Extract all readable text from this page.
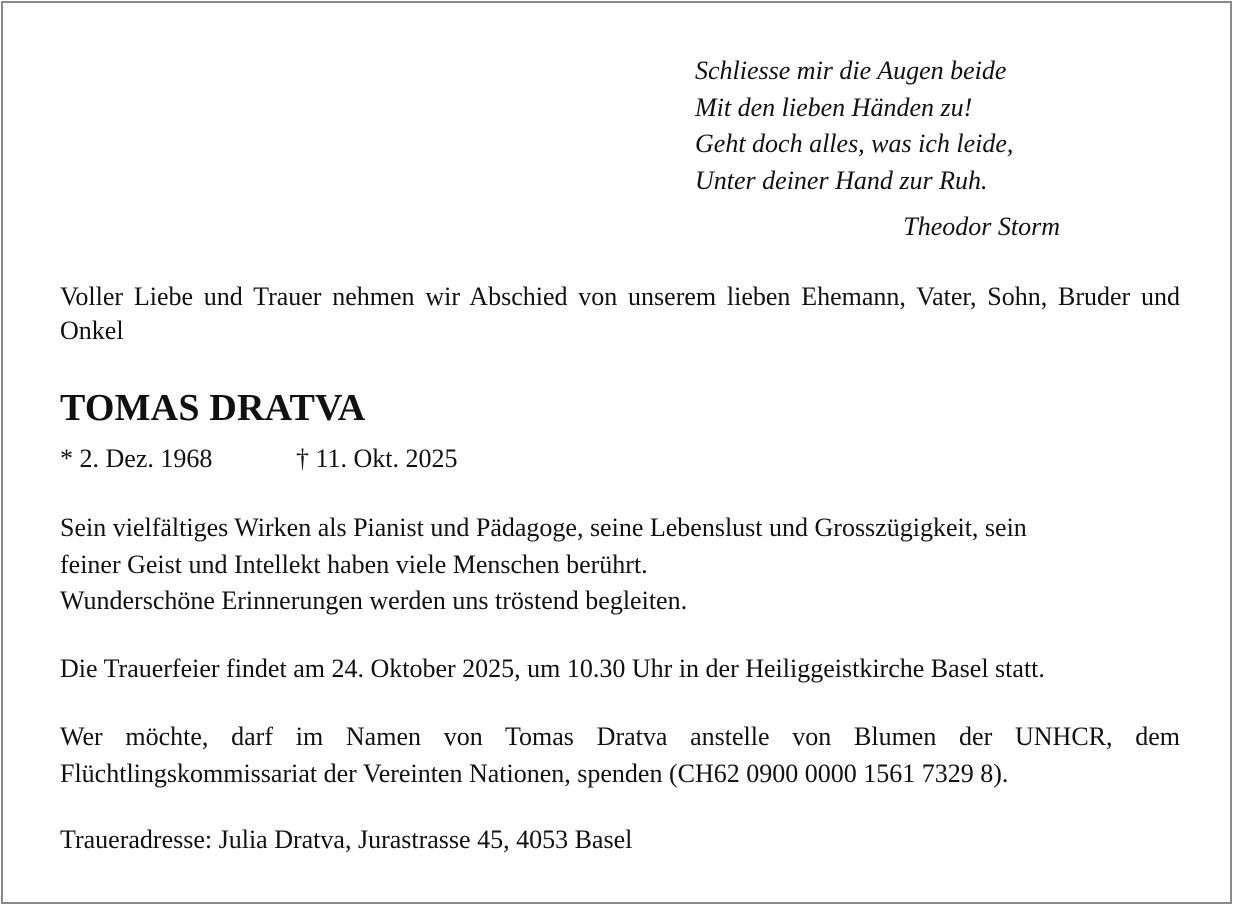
Schliesse mir die Augen beide
Mit den lieben Händen zu!
Geht doch alles, was ich leide,
Unter deiner Hand zur Ruh.
Theodor Storm
Voller Liebe und Trauer nehmen wir Abschied von unserem lieben Ehemann, Vater, Sohn, Bruder und Onkel
TOMAS DRATVA
* 2. Dez. 1968	† 11. Okt. 2025
Sein vielfältiges Wirken als Pianist und Pädagoge, seine Lebenslust und Grosszügigkeit, sein
feiner Geist und Intellekt haben viele Menschen berührt.
Wunderschöne Erinnerungen werden uns tröstend begleiten.
Die Trauerfeier findet am 24. Oktober 2025, um 10.30 Uhr in der Heiliggeistkirche Basel statt.
Wer möchte, darf im Namen von Tomas Dratva anstelle von Blumen der UNHCR, dem Flüchtlingskommissariat der Vereinten Nationen, spenden (CH62 0900 0000 1561 7329 8).
Traueradresse: Julia Dratva, Jurastrasse 45, 4053 Basel
